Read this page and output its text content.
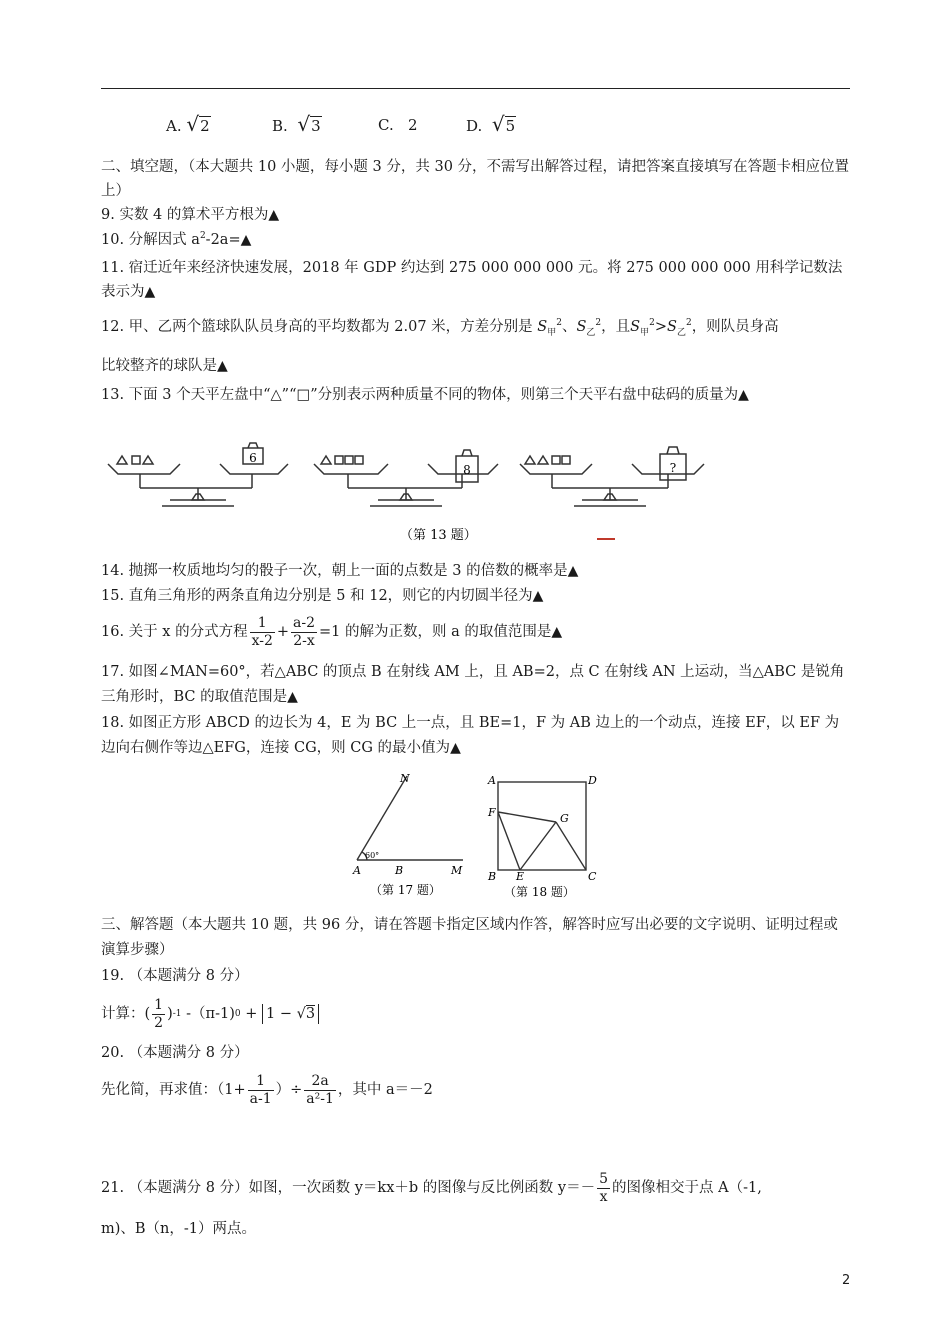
A. √2	B. √3	C. 2	D. √5
二、填空题，（本大题共 10 小题，每小题 3 分，共 30 分，不需写出解答过程，请把答案直接填写在答题卡相应位置上）
9. 实数 4 的算术平方根为▲
10. 分解因式 $a^2-2a=▲$
11. 宿迁近年来经济快速发展，2018 年 GDP 约达到 275 000 000 000 元。将 275 000 000 000 用科学记数法表示为▲
12. 甲、乙两个篮球队队员身高的平均数都为 2.07 米，方差分别是 $S_甲^2$、$S_乙^2$，且$S_甲^2>S_乙^2$，则队员身高
比较整齐的球队是▲
13. 下面 3 个天平左盘中“△”“□”分别表示两种质量不同的物体，则第三个天平右盘中砝码的质量为▲
6
8	?
（第 13 题）
14. 抛掷一枚质地均匀的骰子一次，朝上一面的点数是 3 的倍数的概率是▲
15. 直角三角形的两条直角边分别是 5 和 12，则它的内切圆半径为▲
16. 关于 x 的分式方程 $\frac{1}{x-2} + \frac{a-2}{2-x} =1$ 的解为正数，则 a 的取值范围是 ▲
17. 如图∠MAN=60°，若△ABC 的顶点 B 在射线 AM 上，且 AB=2，点 C 在射线 AN 上运动，当△ABC 是锐角三角形时，BC 的取值范围是▲
18. 如图正方形 ABCD 的边长为 4，E 为 BC 上一点，且 BE=1，F 为 AB 边上的一个动点，连接 EF，以 EF 为边向右侧作等边△EFG，连接 CG，则 CG 的最小值为▲
N
A	B	M
60°
（第 17 题）
A	D
F	G
B E	C
（第 18 题）
三、解答题（本大题共 10 题，共 96 分，请在答题卡指定区域内作答，解答时应写出必要的文字说明、证明过程或演算步骤）
19. （本题满分 8 分）
计算： ( $\frac{1}{2}$ ) -1
-（π-1) 0 + 1 − √3
20. （本题满分 8 分）
先化简，再求值：（$1+ \frac{1}{a-1}$ ）÷ $\frac{2a}{\text{a²-1}}$ ，其中 a＝－2
21. （本题满分 8 分）如图，一次函数 y＝kx＋b 的图像与反比例函数 $y=- \frac{5}{x}$ 的图像相交于点 A（-1,
m)、B（n，-1）两点。
2
